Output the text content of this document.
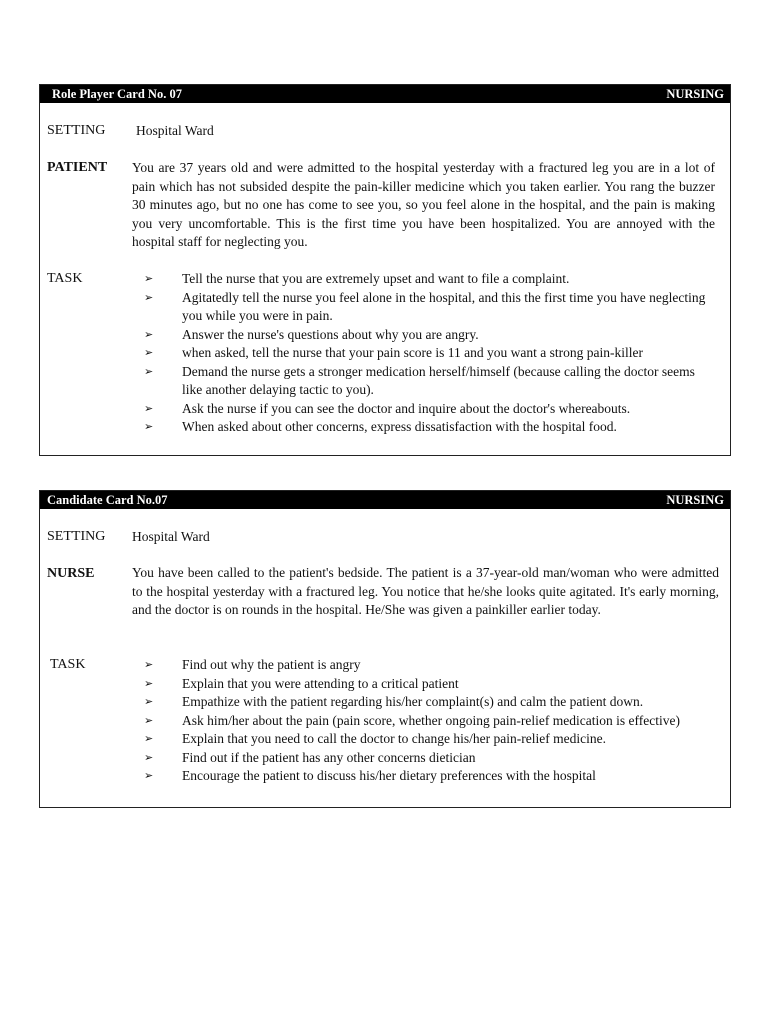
Role Player Card No. 07	NURSING
SETTING Hospital Ward
PATIENT You are 37 years old and were admitted to the hospital yesterday with a fractured leg you are in a lot of pain which has not subsided despite the pain-killer medicine which you taken earlier. You rang the buzzer 30 minutes ago, but no one has come to see you, so you feel alone in the hospital, and the pain is making you very uncomfortable. This is the first time you have been hospitalized. You are annoyed with the hospital staff for neglecting you.
TASK	➢ Tell the nurse that you are extremely upset and want to file a complaint.
➢ Agitatedly tell the nurse you feel alone in the hospital, and this the first time you have neglecting you while you were in pain.
➢ Answer the nurse's questions about why you are angry.
➢ when asked, tell the nurse that your pain score is 11 and you want a strong pain-killer
➢ Demand the nurse gets a stronger medication herself/himself (because calling the doctor seems like another delaying tactic to you).
➢ Ask the nurse if you can see the doctor and inquire about the doctor's whereabouts.
➢ When asked about other concerns, express dissatisfaction with the hospital food.
Candidate Card No.07	NURSING
SETTING Hospital Ward
NURSE	You have been called to the patient's bedside. The patient is a 37-year-old man/woman who were admitted to the hospital yesterday with a fractured leg. You notice that he/she looks quite agitated. It's early morning, and the doctor is on rounds in the hospital. He/She was given a painkiller earlier today.
TASK	➢ Find out why the patient is angry
➢ Explain that you were attending to a critical patient
➢ Empathize with the patient regarding his/her complaint(s) and calm the patient down.
➢ Ask him/her about the pain (pain score, whether ongoing pain-relief medication is effective)
➢ Explain that you need to call the doctor to change his/her pain-relief medicine.
➢ Find out if the patient has any other concerns dietician
➢ Encourage the patient to discuss his/her dietary preferences with the hospital
